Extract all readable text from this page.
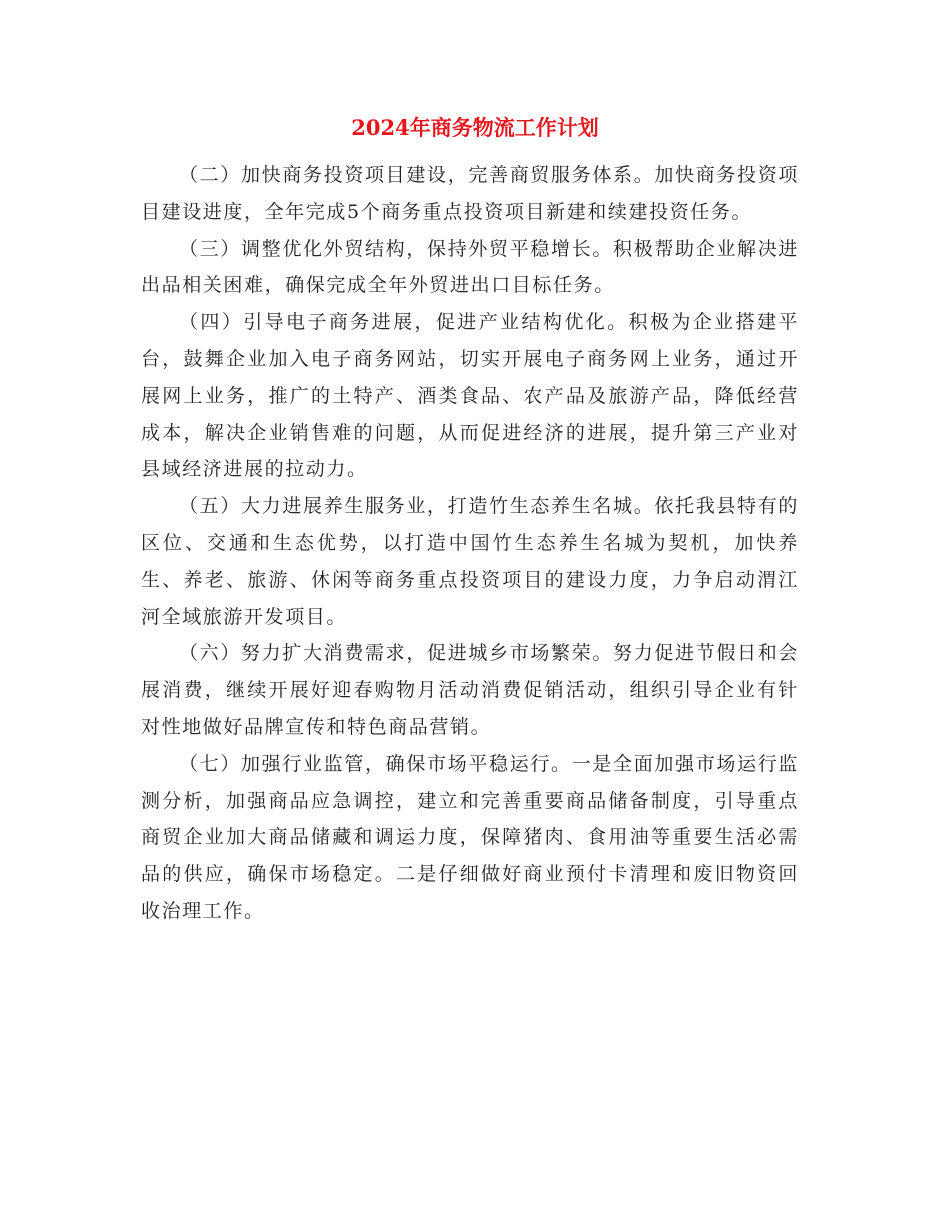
2024年商务物流工作计划

（二）加快商务投资项目建设，完善商贸服务体系。加快商务投资项目建设进度，全年完成5个商务重点投资项目新建和续建投资任务。

（三）调整优化外贸结构，保持外贸平稳增长。积极帮助企业解决进出品相关困难，确保完成全年外贸进出口目标任务。

（四）引导电子商务进展，促进产业结构优化。积极为企业搭建平台，鼓舞企业加入电子商务网站，切实开展电子商务网上业务，通过开展网上业务，推广的土特产、酒类食品、农产品及旅游产品，降低经营成本，解决企业销售难的问题，从而促进经济的进展，提升第三产业对县域经济进展的拉动力。

（五）大力进展养生服务业，打造竹生态养生名城。依托我县特有的区位、交通和生态优势，以打造中国竹生态养生名城为契机，加快养生、养老、旅游、休闲等商务重点投资项目的建设力度，力争启动渭江河全域旅游开发项目。

（六）努力扩大消费需求，促进城乡市场繁荣。努力促进节假日和会展消费，继续开展好迎春购物月活动消费促销活动，组织引导企业有针对性地做好品牌宣传和特色商品营销。

（七）加强行业监管，确保市场平稳运行。一是全面加强市场运行监测分析，加强商品应急调控，建立和完善重要商品储备制度，引导重点商贸企业加大商品储藏和调运力度，保障猪肉、食用油等重要生活必需品的供应，确保市场稳定。二是仔细做好商业预付卡清理和废旧物资回收治理工作。
